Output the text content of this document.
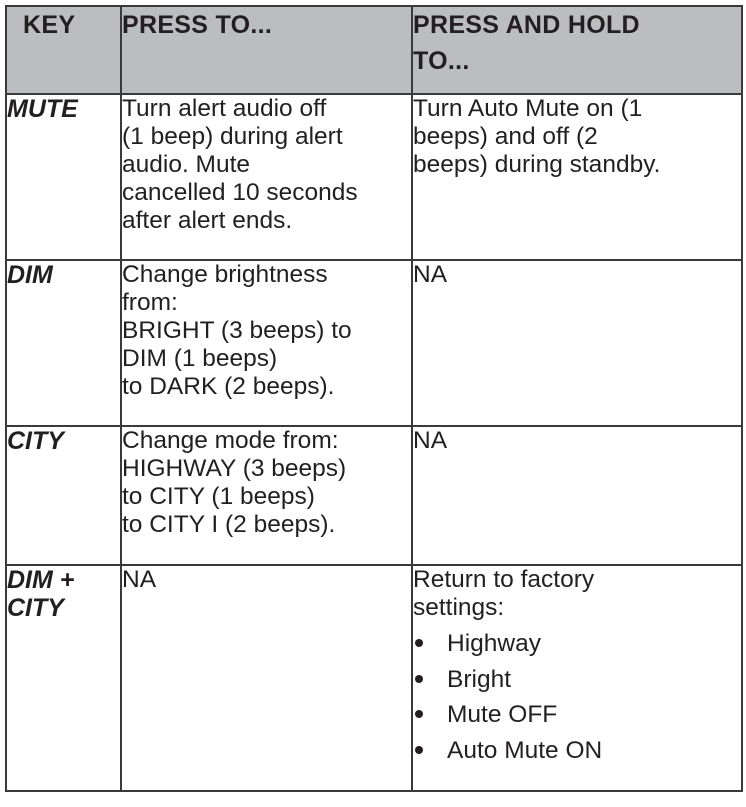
KEY	PRESS TO...	PRESS AND HOLD
TO...

MUTE	Turn alert audio off
(1 beep) during alert
audio. Mute
cancelled 10 seconds
after alert ends.	Turn Auto Mute on (1
beeps) and off (2
beeps) during standby.

DIM	Change brightness
from:
BRIGHT (3 beeps) to
DIM (1 beeps)
to DARK (2 beeps).	NA
CITY	Change mode from:
HIGHWAY (3 beeps)
to CITY (1 beeps)
to CITY I (2 beeps).	NA

DIM +
CITY
	NA	Return to factory
settings:
Highway
Bright
Mute OFF
Auto Mute ON
